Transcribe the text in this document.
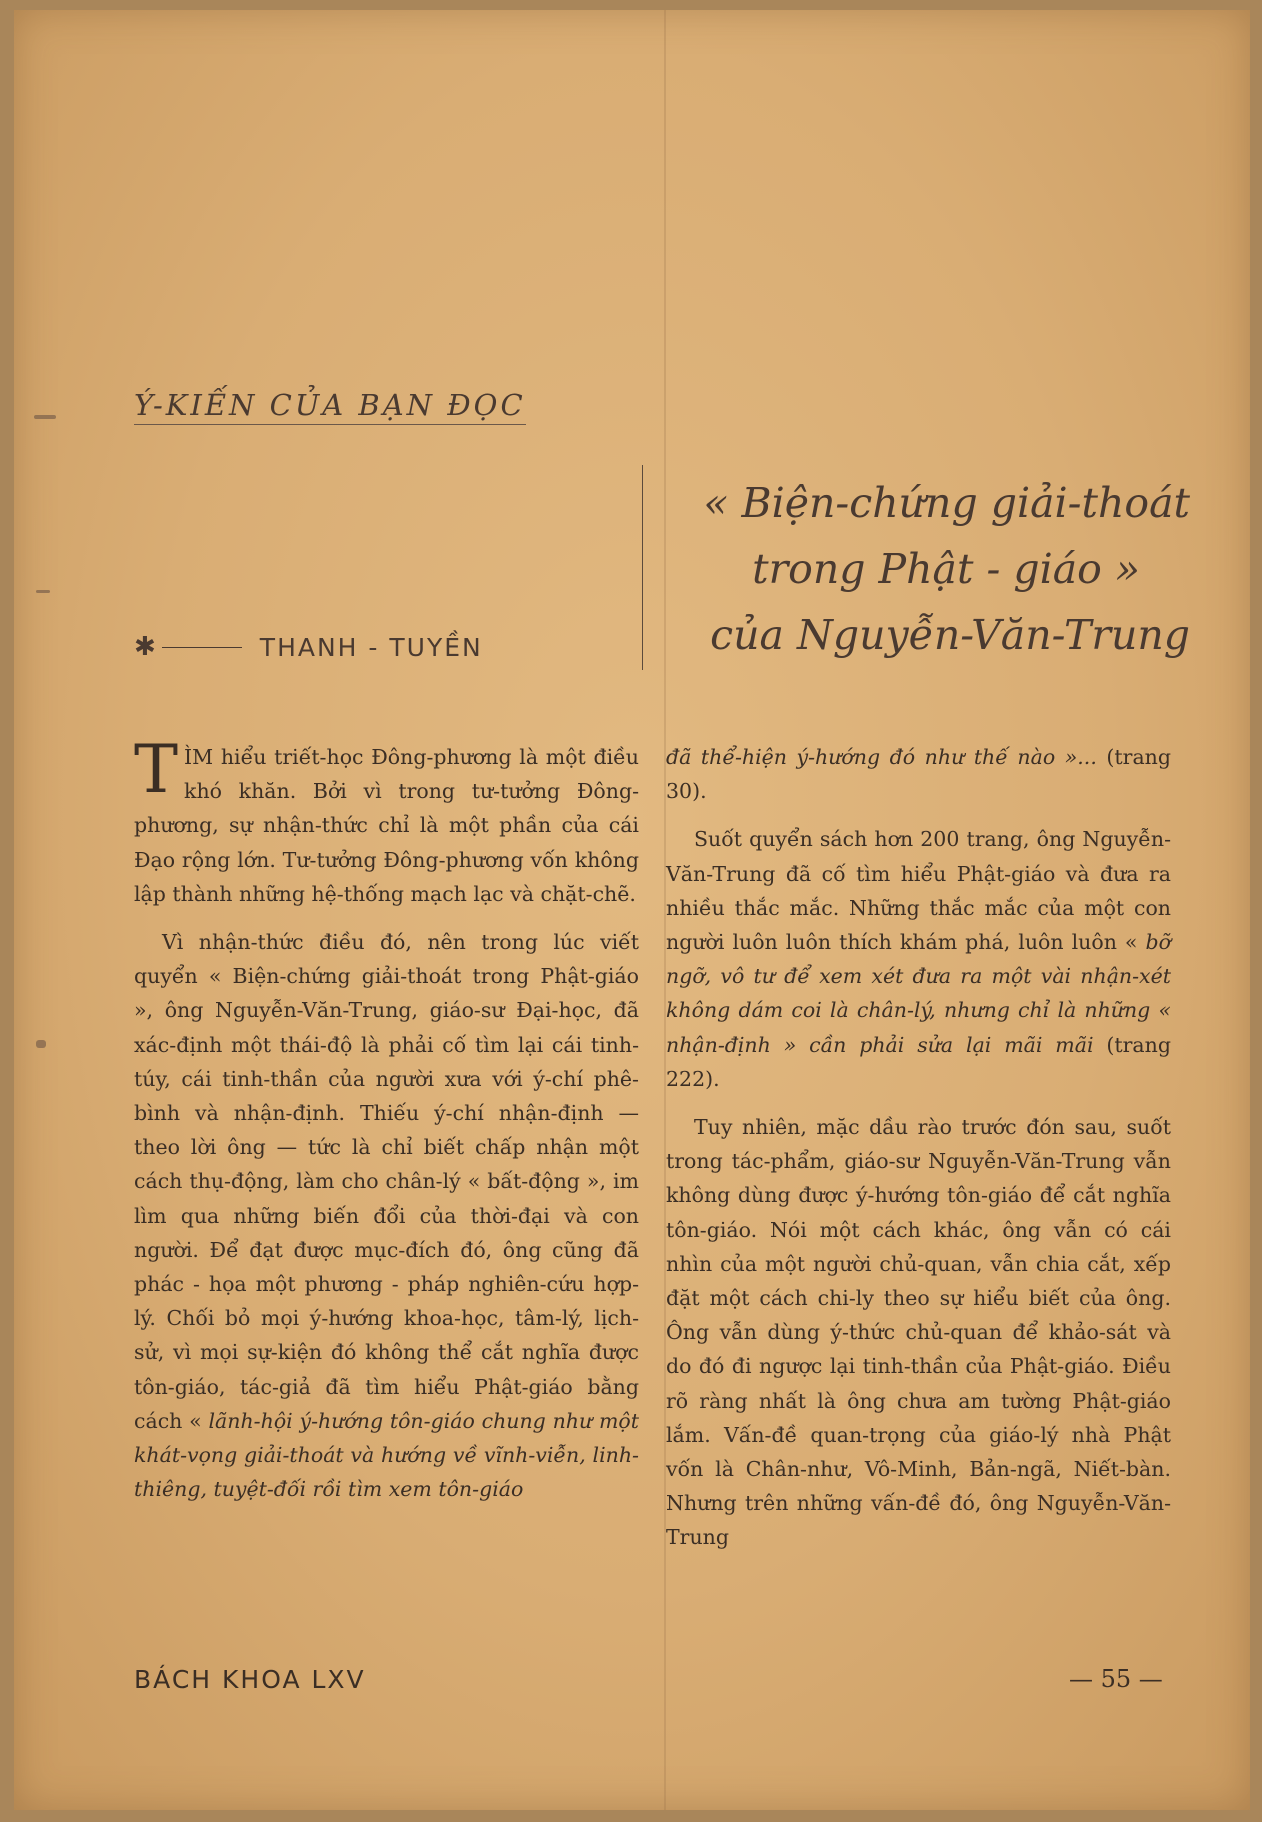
Ý-KIẾN CỦA BẠN ĐỌC
✱	THANH - TUYỀN
« Biện-chứng giải-thoát
trong Phật - giáo »
của Nguyễn-Văn-Trung

TÌM hiểu triết-học Đông-phương là một điều khó khăn. Bởi vì trong tư-tưởng Đông-phương, sự nhận-thức chỉ là một phần của cái Đạo rộng lớn. Tư-tưởng Đông-phương vốn không lập thành những hệ-thống mạch lạc và chặt-chẽ.

Vì nhận-thức điều đó, nên trong lúc viết quyển « Biện-chứng giải-thoát trong Phật-giáo », ông Nguyễn-Văn-Trung, giáo-sư Đại-học, đã xác-định một thái-độ là phải cố tìm lại cái tinh-túy, cái tinh-thần của người xưa với ý-chí phê-bình và nhận-định. Thiếu ý-chí nhận-định — theo lời ông — tức là chỉ biết chấp nhận một cách thụ-động, làm cho chân-lý « bất-động », im lìm qua những biến đổi của thời-đại và con người. Để đạt được mục-đích đó, ông cũng đã phác - họa một phương - pháp nghiên-cứu hợp-lý. Chối bỏ mọi ý-hướng khoa-học, tâm-lý, lịch-sử, vì mọi sự-kiện đó không thể cắt nghĩa được tôn-giáo, tác-giả đã tìm hiểu Phật-giáo bằng cách « lãnh-hội ý-hướng tôn-giáo chung như một khát-vọng giải-thoát và hướng về vĩnh-viễn, linh-thiêng, tuyệt-đối rồi tìm xem tôn-giáo

đã thể-hiện ý-hướng đó như thế nào »... (trang 30).

Suốt quyển sách hơn 200 trang, ông Nguyễn-Văn-Trung đã cố tìm hiểu Phật-giáo và đưa ra nhiều thắc mắc. Những thắc mắc của một con người luôn luôn thích khám phá, luôn luôn « bỡ ngỡ, vô tư để xem xét đưa ra một vài nhận-xét không dám coi là chân-lý, nhưng chỉ là những « nhận-định » cần phải sửa lại mãi mãi (trang 222).

Tuy nhiên, mặc dầu rào trước đón sau, suốt trong tác-phẩm, giáo-sư Nguyễn-Văn-Trung vẫn không dùng được ý-hướng tôn-giáo để cắt nghĩa tôn-giáo. Nói một cách khác, ông vẫn có cái nhìn của một người chủ-quan, vẫn chia cắt, xếp đặt một cách chi-ly theo sự hiểu biết của ông. Ông vẫn dùng ý-thức chủ-quan để khảo-sát và do đó đi ngược lại tinh-thần của Phật-giáo. Điều rõ ràng nhất là ông chưa am tường Phật-giáo lắm. Vấn-đề quan-trọng của giáo-lý nhà Phật vốn là Chân-như, Vô-Minh, Bản-ngã, Niết-bàn. Nhưng trên những vấn-đề đó, ông Nguyễn-Văn-Trung

BÁCH KHOA LXV	— 55 —
